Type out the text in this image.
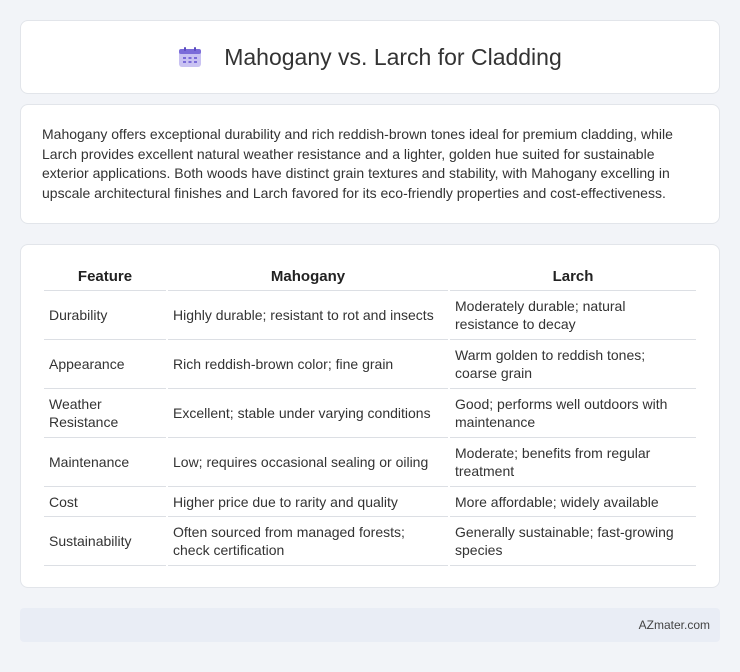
Mahogany vs. Larch for Cladding

Mahogany offers exceptional durability and rich reddish-brown tones ideal for premium cladding, while Larch provides excellent natural weather resistance and a lighter, golden hue suited for sustainable exterior applications. Both woods have distinct grain textures and stability, with Mahogany excelling in upscale architectural finishes and Larch favored for its eco-friendly properties and cost-effectiveness.

Feature	Mahogany	Larch
Durability	Highly durable; resistant to rot and insects	Moderately durable; natural resistance to decay
Appearance	Rich reddish-brown color; fine grain	Warm golden to reddish tones; coarse grain
Weather Resistance	Excellent; stable under varying conditions	Good; performs well outdoors with maintenance
Maintenance	Low; requires occasional sealing or oiling	Moderate; benefits from regular treatment
Cost	Higher price due to rarity and quality	More affordable; widely available
Sustainability	Often sourced from managed forests; check certification	Generally sustainable; fast-growing species
AZmater.com
